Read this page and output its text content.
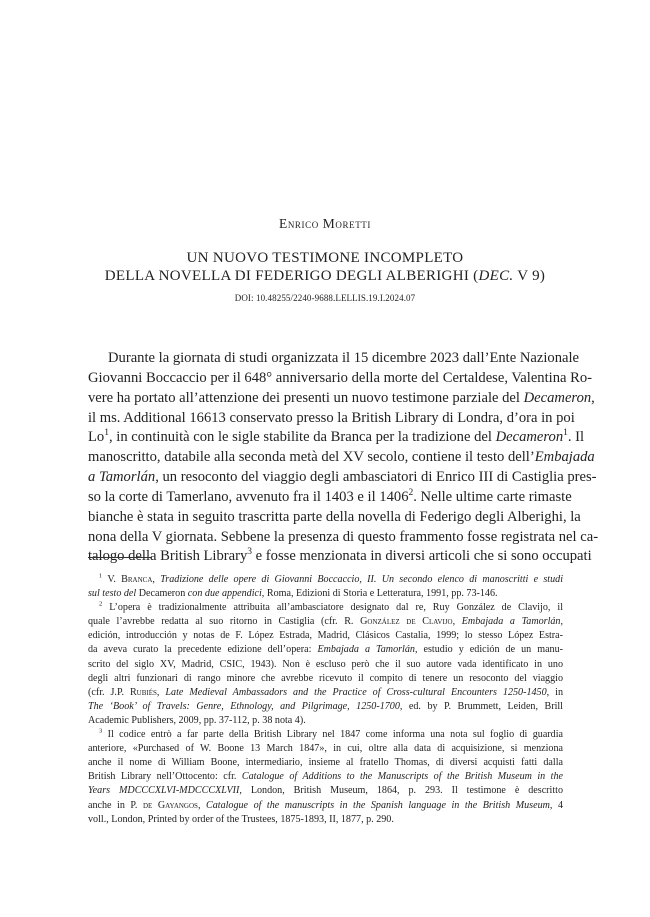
Enrico Moretti
UN NUOVO TESTIMONE INCOMPLETO
DELLA NOVELLA DI FEDERIGO DEGLI ALBERIGHI (DEC. V 9)
DOI: 10.48255/2240-9688.LELLIS.19.I.2024.07
Durante la giornata di studi organizzata il 15 dicembre 2023 dall’Ente Nazionale
Giovanni Boccaccio per il 648° anniversario della morte del Certaldese, Valentina Ro-
vere ha portato all’attenzione dei presenti un nuovo testimone parziale del Decameron,
il ms. Additional 16613 conservato presso la British Library di Londra, d’ora in poi
Lo$^1$, in continuità con le sigle stabilite da Branca per la tradizione del Decameron$^1$. Il
manoscritto, databile alla seconda metà del XV secolo, contiene il testo dell’Embajada
a Tamorlán, un resoconto del viaggio degli ambasciatori di Enrico III di Castiglia pres-
so la corte di Tamerlano, avvenuto fra il 1403 e il 1406$^2$. Nelle ultime carte rimaste
bianche è stata in seguito trascritta parte della novella di Federigo degli Alberighi, la
nona della V giornata. Sebbene la presenza di questo frammento fosse registrata nel ca-
talogo della British Library$^3$ e fosse menzionata in diversi articoli che si sono occupati
$^1$ V. Branca, Tradizione delle opere di Giovanni Boccaccio, II. Un secondo elenco di manoscritti e studi
sul testo del Decameron con due appendici, Roma, Edizioni di Storia e Letteratura, 1991, pp. 73-146.
$^2$ L’opera è tradizionalmente attribuita all’ambasciatore designato dal re, Ruy González de Clavijo, il
quale l’avrebbe redatta al suo ritorno in Castiglia (cfr. R. González de Clavijo, Embajada a Tamorlán,
edición, introducción y notas de F. López Estrada, Madrid, Clásicos Castalia, 1999; lo stesso López Estra-
da aveva curato la precedente edizione dell’opera: Embajada a Tamorlán, estudio y edición de un manu-
scrito del siglo XV, Madrid, CSIC, 1943). Non è escluso però che il suo autore vada identificato in uno
degli altri funzionari di rango minore che avrebbe ricevuto il compito di tenere un resoconto del viaggio
(cfr. J.P. Rubiés, Late Medieval Ambassadors and the Practice of Cross-cultural Encounters 1250-1450, in
The ‘Book’ of Travels: Genre, Ethnology, and Pilgrimage, 1250-1700, ed. by P. Brummett, Leiden, Brill
Academic Publishers, 2009, pp. 37-112, p. 38 nota 4).
$^3$ Il codice entrò a far parte della British Library nel 1847 come informa una nota sul foglio di guardia
anteriore, «Purchased of W. Boone 13 March 1847», in cui, oltre alla data di acquisizione, si menziona
anche il nome di William Boone, intermediario, insieme al fratello Thomas, di diversi acquisti fatti dalla
British Library nell’Ottocento: cfr. Catalogue of Additions to the Manuscripts of the British Museum in the
Years MDCCCXLVI-MDCCCXLVII, London, British Museum, 1864, p. 293. Il testimone è descritto
anche in P. de Gayangos, Catalogue of the manuscripts in the Spanish language in the British Museum, 4
voll., London, Printed by order of the Trustees, 1875-1893, II, 1877, p. 290.
